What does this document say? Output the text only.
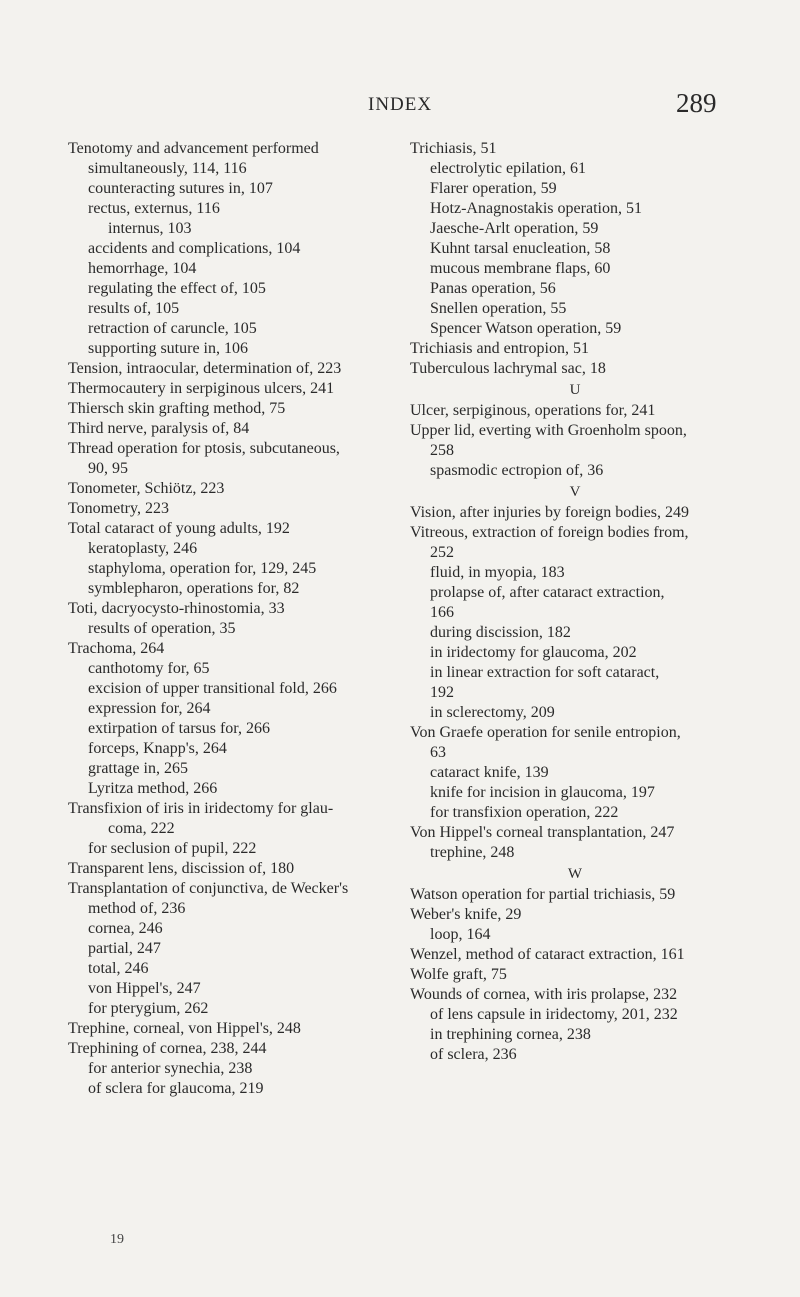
INDEX	289

Tenotomy and advancement performed

simultaneously, 114, 116

counteracting sutures in, 107

rectus, externus, 116

internus, 103

accidents and complications, 104

hemorrhage, 104

regulating the effect of, 105

results of, 105

retraction of caruncle, 105

supporting suture in, 106

Tension, intraocular, determination of, 223

Thermocautery in serpiginous ulcers, 241

Thiersch skin grafting method, 75

Third nerve, paralysis of, 84

Thread operation for ptosis, subcutaneous,

90, 95

Tonometer, Schiötz, 223

Tonometry, 223

Total cataract of young adults, 192

keratoplasty, 246

staphyloma, operation for, 129, 245

symblepharon, operations for, 82

Toti, dacryocysto-rhinostomia, 33

results of operation, 35

Trachoma, 264

canthotomy for, 65

excision of upper transitional fold, 266

expression for, 264

extirpation of tarsus for, 266

forceps, Knapp's, 264

grattage in, 265

Lyritza method, 266

Transfixion of iris in iridectomy for glau-

coma, 222

for seclusion of pupil, 222

Transparent lens, discission of, 180

Transplantation of conjunctiva, de Wecker's

method of, 236

cornea, 246

partial, 247

total, 246

von Hippel's, 247

for pterygium, 262

Trephine, corneal, von Hippel's, 248

Trephining of cornea, 238, 244

for anterior synechia, 238

of sclera for glaucoma, 219

Trichiasis, 51

electrolytic epilation, 61

Flarer operation, 59

Hotz-Anagnostakis operation, 51

Jaesche-Arlt operation, 59

Kuhnt tarsal enucleation, 58

mucous membrane flaps, 60

Panas operation, 56

Snellen operation, 55

Spencer Watson operation, 59

Trichiasis and entropion, 51

Tuberculous lachrymal sac, 18

U

Ulcer, serpiginous, operations for, 241

Upper lid, everting with Groenholm spoon,

258

spasmodic ectropion of, 36

V

Vision, after injuries by foreign bodies, 249

Vitreous, extraction of foreign bodies from,

252

fluid, in myopia, 183

prolapse of, after cataract extraction,

166

during discission, 182

in iridectomy for glaucoma, 202

in linear extraction for soft cataract,

192

in sclerectomy, 209

Von Graefe operation for senile entropion,

63

cataract knife, 139

knife for incision in glaucoma, 197

for transfixion operation, 222

Von Hippel's corneal transplantation, 247

trephine, 248

W

Watson operation for partial trichiasis, 59

Weber's knife, 29

loop, 164

Wenzel, method of cataract extraction, 161

Wolfe graft, 75

Wounds of cornea, with iris prolapse, 232

of lens capsule in iridectomy, 201, 232

in trephining cornea, 238

of sclera, 236

19
